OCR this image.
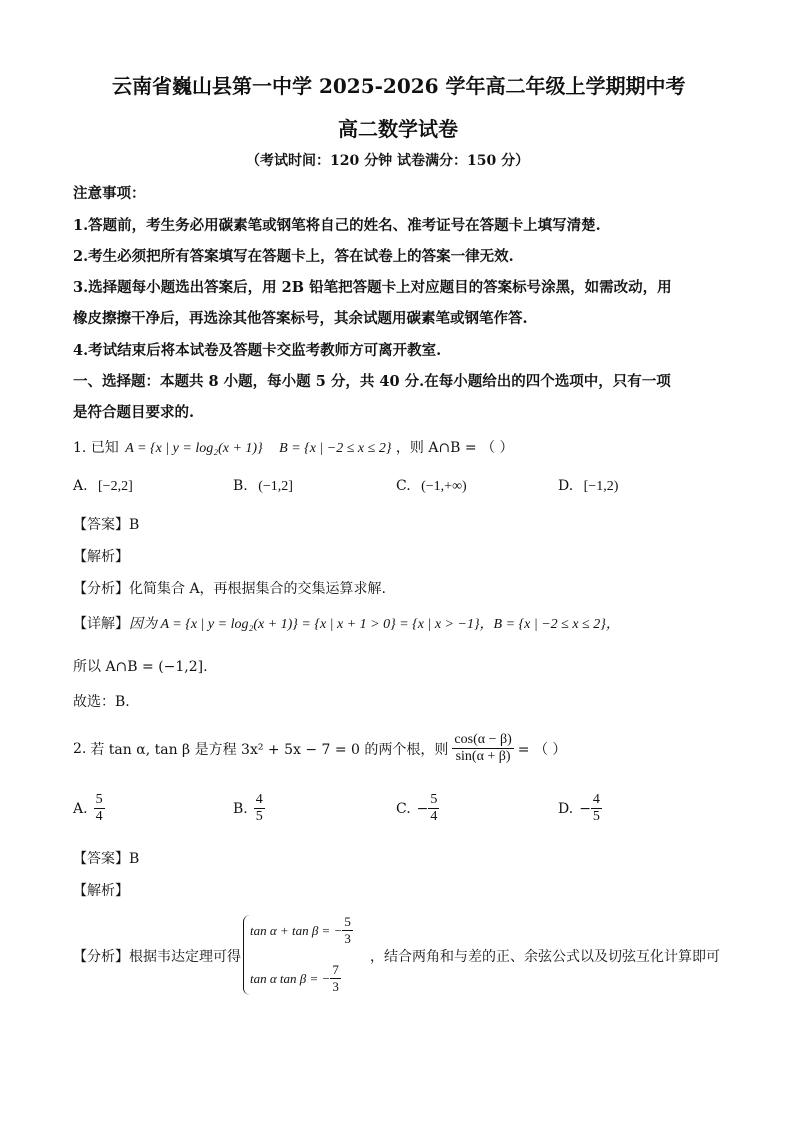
云南省巍山县第一中学 2025-2026 学年高二年级上学期期中考
高二数学试卷
（考试时间：120 分钟 试卷满分：150 分）
注意事项：
1.答题前，考生务必用碳素笔或钢笔将自己的姓名、准考证号在答题卡上填写清楚.
2.考生必须把所有答案填写在答题卡上，答在试卷上的答案一律无效.
3.选择题每小题选出答案后，用 2B 铅笔把答题卡上对应题目的答案标号涂黑，如需改动，用
橡皮擦擦干净后，再选涂其他答案标号，其余试题用碳素笔或钢笔作答.
4.考试结束后将本试卷及答题卡交监考教师方可离开教室.
一、选择题：本题共 8 小题，每小题 5 分，共 40 分.在每小题给出的四个选项中，只有一项
是符合题目要求的.
1. 已知 A = {x | y = log₂(x + 1)} B = {x | −2 ≤ x ≤ 2} ，则 A∩B = （ ）
A. [−2,2]	B. (−1,2]	C. (−1,+∞)	D. [−1,2)
【答案】B
【解析】
【分析】化简集合 A，再根据集合的交集运算求解.
【详解】因为 A = {x | y = log₂(x + 1)} = {x | x + 1 > 0} = {x | x > −1}，B = {x | −2 ≤ x ≤ 2}，
所以 A∩B = (−1,2].
故选：B.
2. 若 tan α, tan β 是方程 3x² + 5x − 7 = 0 的两个根，则 $\frac{\cos(\alpha - \beta)}{\sin(\alpha + \beta)}$ = （ ）
A. $\frac{5}{4}$	B. $\frac{4}{5}$	C. − $\frac{5}{4}$	D. − $\frac{4}{5}$
【答案】B
【解析】
【分析】根据韦达定理可得
tan α + tan β = − $\frac{5}{3}$
tan α tan β = − $\frac{7}{3}$
，结合两角和与差的正、余弦公式以及切弦互化计算即可
